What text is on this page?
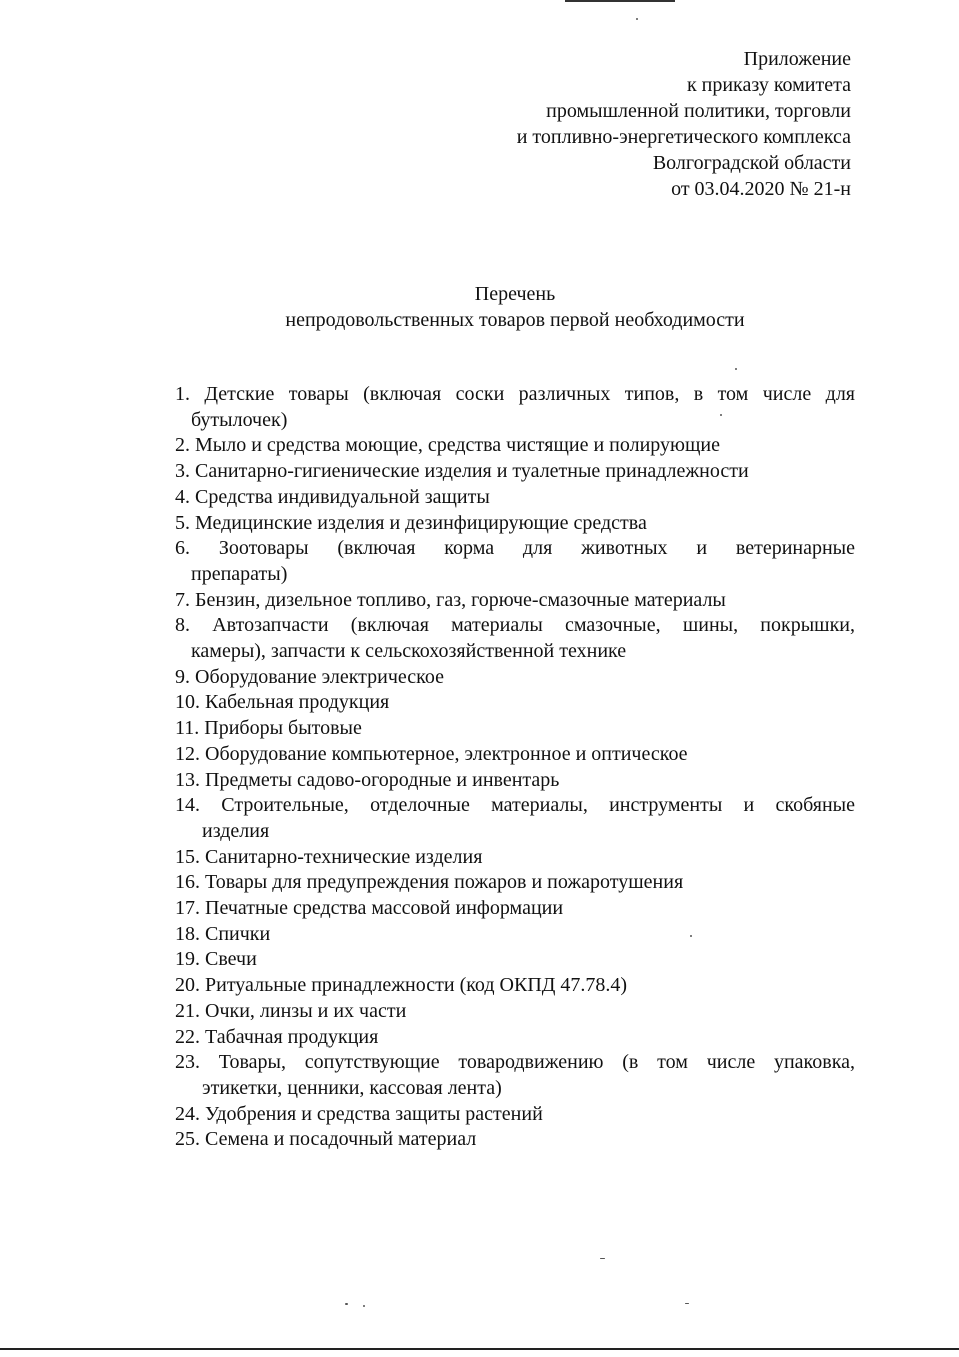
Приложение
к приказу комитета
промышленной политики, торговли
и топливно-энергетического комплекса
Волгоградской области
от 03.04.2020 № 21-н
Перечень
непродовольственных товаров первой необходимости
1. Детские товары (включая соски различных типов, в том числе для
бутылочек)
2. Мыло и средства моющие, средства чистящие и полирующие
3. Санитарно-гигиенические изделия и туалетные принадлежности
4. Средства индивидуальной защиты
5. Медицинские изделия и дезинфицирующие средства
6. Зоотовары (включая корма для животных и ветеринарные
препараты)
7. Бензин, дизельное топливо, газ, горюче-смазочные материалы
8. Автозапчасти (включая материалы смазочные, шины, покрышки,
камеры), запчасти к сельскохозяйственной технике
9. Оборудование электрическое
10. Кабельная продукция
11. Приборы бытовые
12. Оборудование компьютерное, электронное и оптическое
13. Предметы садово-огородные и инвентарь
14. Строительные, отделочные материалы, инструменты и скобяные
изделия
15. Санитарно-технические изделия
16. Товары для предупреждения пожаров и пожаротушения
17. Печатные средства массовой информации
18. Спички
19. Свечи
20. Ритуальные принадлежности (код ОКПД 47.78.4)
21. Очки, линзы и их части
22. Табачная продукция
23. Товары, сопутствующие товародвижению (в том числе упаковка,
этикетки, ценники, кассовая лента)
24. Удобрения и средства защиты растений
25. Семена и посадочный материал
